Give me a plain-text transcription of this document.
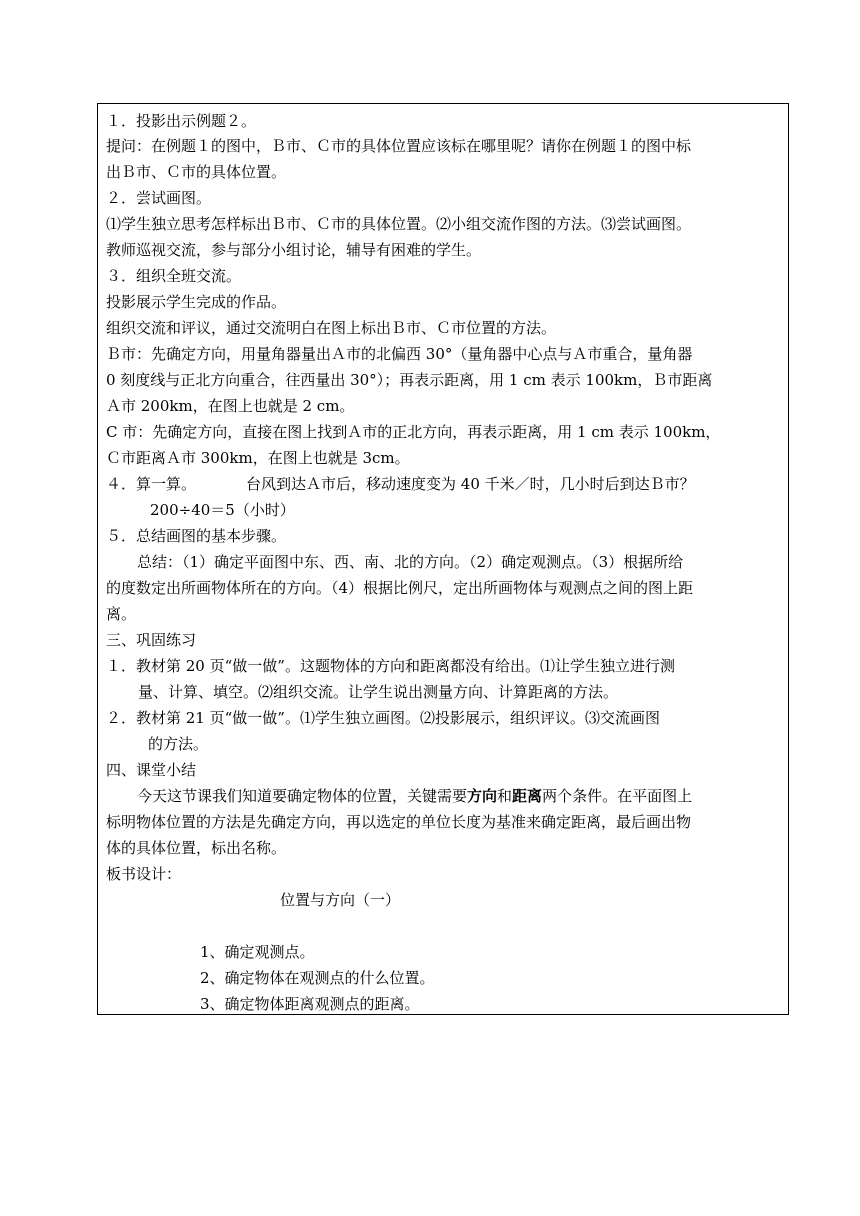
１．投影出示例题２。
提问：在例题１的图中，Ｂ市、Ｃ市的具体位置应该标在哪里呢？请你在例题１的图中标
出Ｂ市、Ｃ市的具体位置。
２．尝试画图。
⑴学生独立思考怎样标出Ｂ市、Ｃ市的具体位置。⑵小组交流作图的方法。⑶尝试画图。
教师巡视交流，参与部分小组讨论，辅导有困难的学生。
３．组织全班交流。
投影展示学生完成的作品。
组织交流和评议，通过交流明白在图上标出Ｂ市、Ｃ市位置的方法。
Ｂ市：先确定方向，用量角器量出Ａ市的北偏西 30°（量角器中心点与Ａ市重合，量角器
0 刻度线与正北方向重合，往西量出 30°）；再表示距离，用 1 cm 表示 100km，Ｂ市距离
Ａ市 200km，在图上也就是 2 cm。
C 市：先确定方向，直接在图上找到Ａ市的正北方向，再表示距离，用 1 cm 表示 100km，
Ｃ市距离Ａ市 300km，在图上也就是 3cm。
４．算一算。	台风到达Ａ市后，移动速度变为 40 千米／时，几小时后到达Ｂ市？
200÷40＝5（小时）
５．总结画图的基本步骤。
总结：（1）确定平面图中东、西、南、北的方向。（2）确定观测点。（3）根据所给
的度数定出所画物体所在的方向。（4）根据比例尺，定出所画物体与观测点之间的图上距
离。
三、巩固练习
１．教材第 20 页“做一做”。这题物体的方向和距离都没有给出。⑴让学生独立进行测
量、计算、填空。⑵组织交流。让学生说出测量方向、计算距离的方法。
２．教材第 21 页“做一做”。⑴学生独立画图。⑵投影展示，组织评议。⑶交流画图
的方法。
四、课堂小结
今天这节课我们知道要确定物体的位置，关键需要方向和距离两个条件。在平面图上
标明物体位置的方法是先确定方向，再以选定的单位长度为基准来确定距离，最后画出物
体的具体位置，标出名称。
板书设计：
位置与方向（一）
1、确定观测点。
2、确定物体在观测点的什么位置。
3、确定物体距离观测点的距离。
